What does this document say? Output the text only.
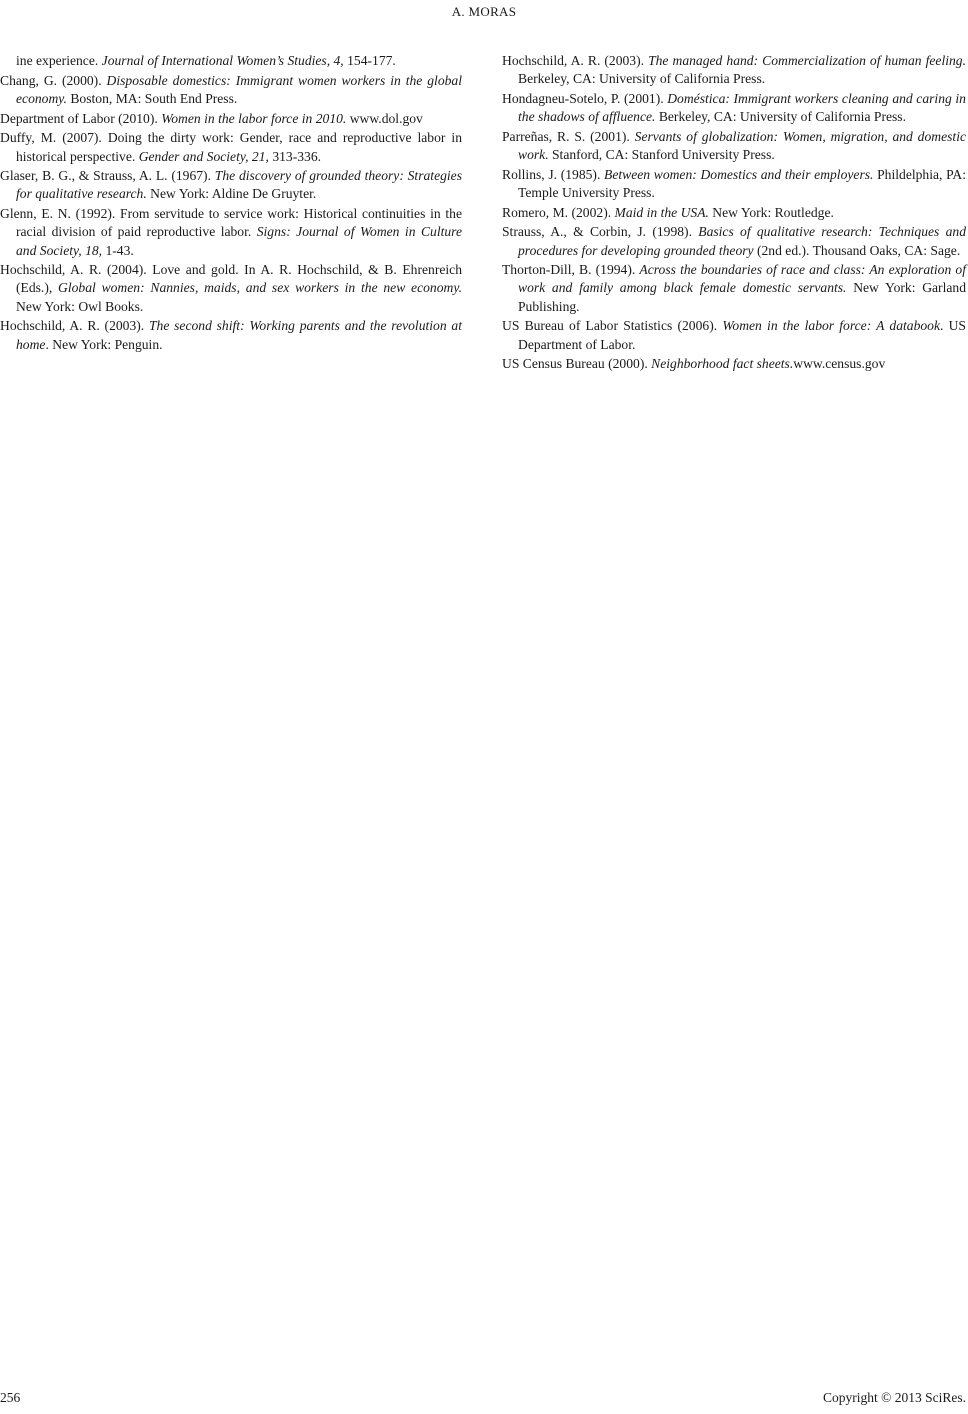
A. MORAS

ine experience. Journal of International Women’s Studies, 4, 154-177.

Chang, G. (2000). Disposable domestics: Immigrant women workers in the global economy. Boston, MA: South End Press.

Department of Labor (2010). Women in the labor force in 2010. www.dol.gov

Duffy, M. (2007). Doing the dirty work: Gender, race and reproductive labor in historical perspective. Gender and Society, 21, 313-336.

Glaser, B. G., & Strauss, A. L. (1967). The discovery of grounded theory: Strategies for qualitative research. New York: Aldine De Gruyter.

Glenn, E. N. (1992). From servitude to service work: Historical continuities in the racial division of paid reproductive labor. Signs: Journal of Women in Culture and Society, 18, 1-43.

Hochschild, A. R. (2004). Love and gold. In A. R. Hochschild, & B. Ehrenreich (Eds.), Global women: Nannies, maids, and sex workers in the new economy. New York: Owl Books.

Hochschild, A. R. (2003). The second shift: Working parents and the revolution at home. New York: Penguin.

Hochschild, A. R. (2003). The managed hand: Commercialization of human feeling. Berkeley, CA: University of California Press.

Hondagneu-Sotelo, P. (2001). Doméstica: Immigrant workers cleaning and caring in the shadows of affluence. Berkeley, CA: University of California Press.

Parreñas, R. S. (2001). Servants of globalization: Women, migration, and domestic work. Stanford, CA: Stanford University Press.

Rollins, J. (1985). Between women: Domestics and their employers. Phildelphia, PA: Temple University Press.

Romero, M. (2002). Maid in the USA. New York: Routledge.

Strauss, A., & Corbin, J. (1998). Basics of qualitative research: Techniques and procedures for developing grounded theory (2nd ed.). Thousand Oaks, CA: Sage.

Thorton-Dill, B. (1994). Across the boundaries of race and class: An exploration of work and family among black female domestic servants. New York: Garland Publishing.

US Bureau of Labor Statistics (2006). Women in the labor force: A databook. US Department of Labor.

US Census Bureau (2000). Neighborhood fact sheets.www.census.gov

256	Copyright © 2013 SciRes.
